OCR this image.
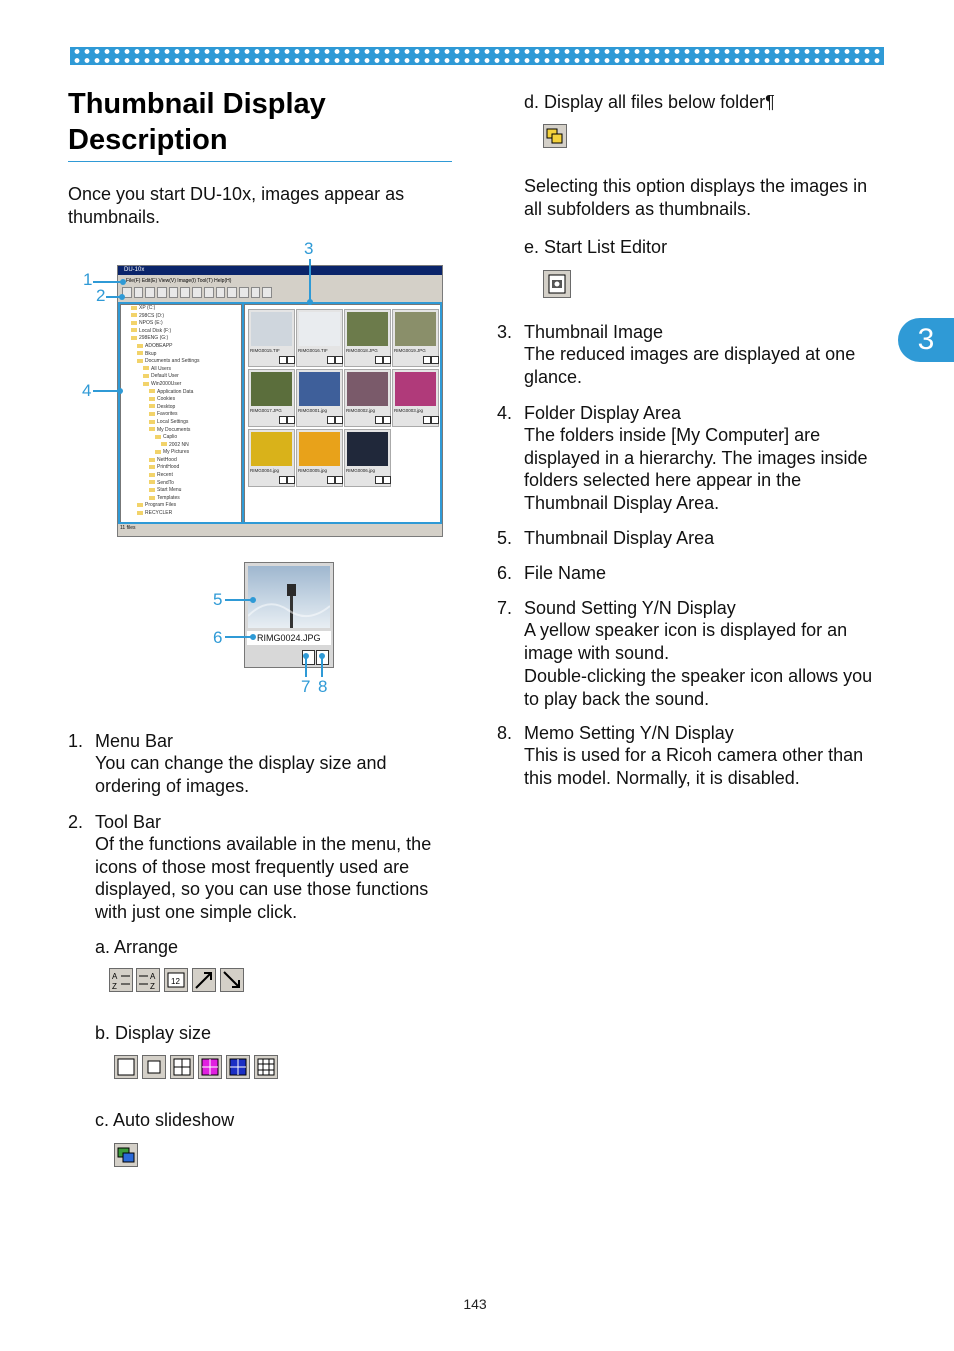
Thumbnail Display Description
3
Once you start DU-10x, images appear as thumbnails.
DU-10x
File(F) Edit(E) View(V) Image(I) Tool(T) Help(H)
XP (C:)
298CS (D:)
NPOS (E:)
Local Disk (F:)
298ENG (G:)
ADOBEAPP
Bkup
Documents and Settings
All Users
Default User
Win2000User
Application Data
Cookies
Desktop
Favorites
Local Settings
My Documents
Caplio
2002 NN
My Pictures
NetHood
PrintHood
Recent
SendTo
Start Menu
Templates
Program Files
RECYCLER
RIMG0015.TIF	RIMG0016.TIF	RIMG0018.JPG	RIMG0019.JPG
RIMG0017.JPG	RIMG0001.jpg	RIMG0002.jpg	RIMG0003.jpg
RIMG0004.jpg	RIMG0005.jpg	RIMG0006.jpg
11 files
1
2
3
4
RIMG0024.JPG
5
6
7 8
1. Menu Bar
You can change the display size and ordering of images.
2. Tool Bar
Of the functions available in the menu, the icons of those most frequently used are displayed, so you can use those functions with just one simple click.
a. Arrange
A
Z
A
Z
12
b. Display size
c. Auto slideshow
d. Display all files below folder¶
Selecting this option displays the images in all subfolders as thumbnails.
e. Start List Editor
3. Thumbnail Image
The reduced images are displayed at one glance.
4. Folder Display Area
The folders inside [My Computer] are displayed in a hierarchy. The images inside folders selected here appear in the Thumbnail Display Area.
5. Thumbnail Display Area
6. File Name
7. Sound Setting Y/N Display
A yellow speaker icon is displayed for an image with sound.
Double-clicking the speaker icon allows you to play back the sound.
8. Memo Setting Y/N Display
This is used for a Ricoh camera other than this model. Normally, it is disabled.
143
